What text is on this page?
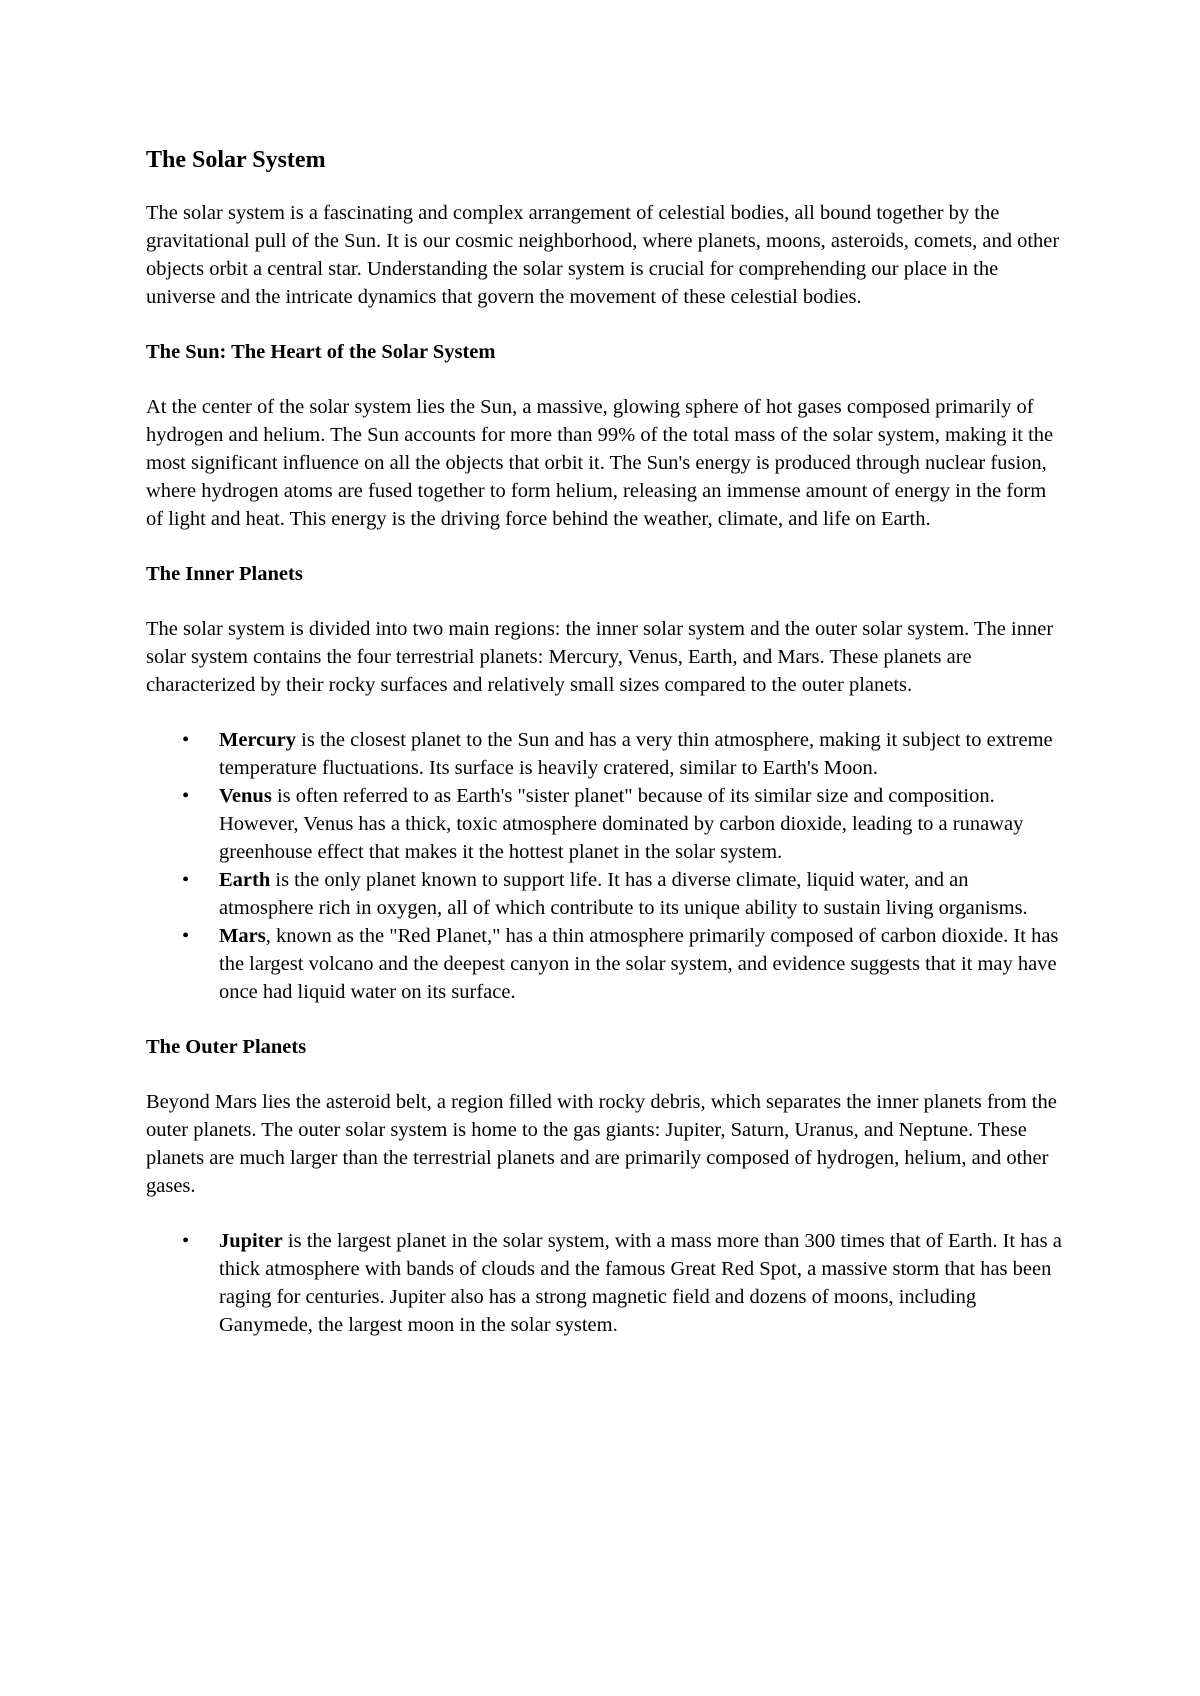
The Solar System

The solar system is a fascinating and complex arrangement of celestial bodies, all bound together by the gravitational pull of the Sun. It is our cosmic neighborhood, where planets, moons, asteroids, comets, and other objects orbit a central star. Understanding the solar system is crucial for comprehending our place in the universe and the intricate dynamics that govern the movement of these celestial bodies.

The Sun: The Heart of the Solar System

At the center of the solar system lies the Sun, a massive, glowing sphere of hot gases composed primarily of hydrogen and helium. The Sun accounts for more than 99% of the total mass of the solar system, making it the most significant influence on all the objects that orbit it. The Sun's energy is produced through nuclear fusion, where hydrogen atoms are fused together to form helium, releasing an immense amount of energy in the form of light and heat. This energy is the driving force behind the weather, climate, and life on Earth.

The Inner Planets

The solar system is divided into two main regions: the inner solar system and the outer solar system. The inner solar system contains the four terrestrial planets: Mercury, Venus, Earth, and Mars. These planets are characterized by their rocky surfaces and relatively small sizes compared to the outer planets.

• Mercury is the closest planet to the Sun and has a very thin atmosphere, making it subject to extreme temperature fluctuations. Its surface is heavily cratered, similar to Earth's Moon.
• Venus is often referred to as Earth's "sister planet" because of its similar size and composition. However, Venus has a thick, toxic atmosphere dominated by carbon dioxide, leading to a runaway greenhouse effect that makes it the hottest planet in the solar system.
• Earth is the only planet known to support life. It has a diverse climate, liquid water, and an atmosphere rich in oxygen, all of which contribute to its unique ability to sustain living organisms.
• Mars, known as the "Red Planet," has a thin atmosphere primarily composed of carbon dioxide. It has the largest volcano and the deepest canyon in the solar system, and evidence suggests that it may have once had liquid water on its surface.
The Outer Planets

Beyond Mars lies the asteroid belt, a region filled with rocky debris, which separates the inner planets from the outer planets. The outer solar system is home to the gas giants: Jupiter, Saturn, Uranus, and Neptune. These planets are much larger than the terrestrial planets and are primarily composed of hydrogen, helium, and other gases.

• Jupiter is the largest planet in the solar system, with a mass more than 300 times that of Earth. It has a thick atmosphere with bands of clouds and the famous Great Red Spot, a massive storm that has been raging for centuries. Jupiter also has a strong magnetic field and dozens of moons, including Ganymede, the largest moon in the solar system.
